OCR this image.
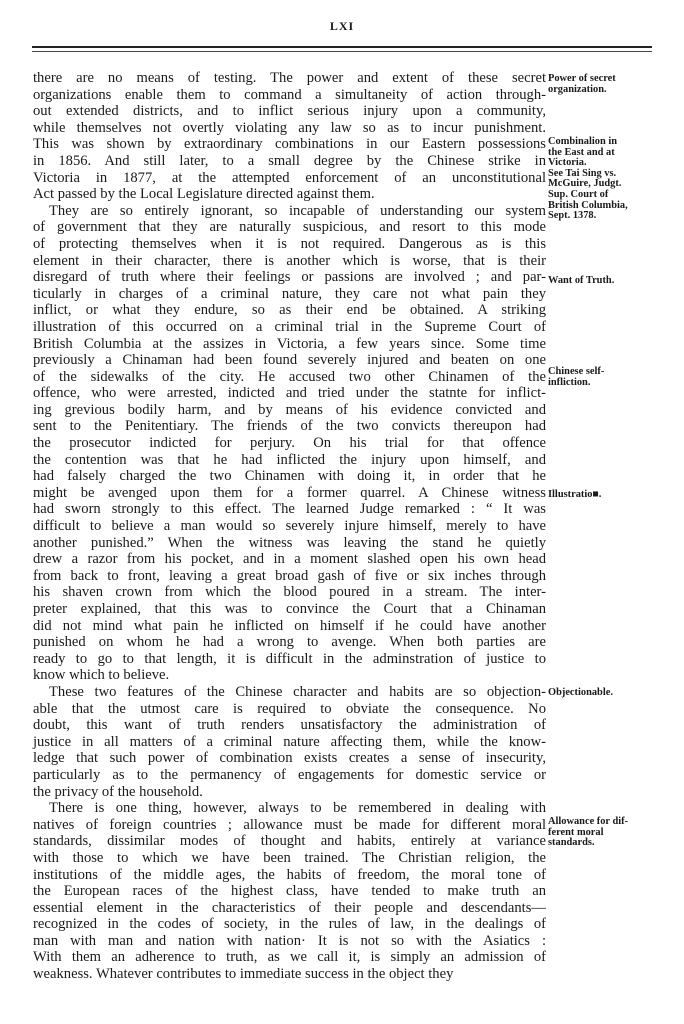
LXI

there are no means of testing. The power and extent of these secret
organizations enable them to command a simultaneity of action through-
out extended districts, and to inflict serious injury upon a community,
while themselves not overtly violating any law so as to incur punishment.
This was shown by extraordinary combinations in our Eastern possessions
in 1856. And still later, to a small degree by the Chinese strike in
Victoria in 1877, at the attempted enforcement of an unconstitutional
Act passed by the Local Legislature directed against them.

They are so entirely ignorant, so incapable of understanding our system
of government that they are naturally suspicious, and resort to this mode
of protecting themselves when it is not required. Dangerous as is this
element in their character, there is another which is worse, that is their
disregard of truth where their feelings or passions are involved ; and par-
ticularly in charges of a criminal nature, they care not what pain they
inflict, or what they endure, so as their end be obtained. A striking
illustration of this occurred on a criminal trial in the Supreme Court of
British Columbia at the assizes in Victoria, a few years since. Some time
previously a Chinaman had been found severely injured and beaten on one
of the sidewalks of the city. He accused two other Chinamen of the
offence, who were arrested, indicted and tried under the statnte for inflict-
ing grevious bodily harm, and by means of his evidence convicted and
sent to the Penitentiary. The friends of the two convicts thereupon had
the prosecutor indicted for perjury. On his trial for that offence
the contention was that he had inflicted the injury upon himself, and
had falsely charged the two Chinamen with doing it, in order that he
might be avenged upon them for a former quarrel. A Chinese witness
had sworn strongly to this effect. The learned Judge remarked : “ It was
difficult to believe a man would so severely injure himself, merely to have
another punished.” When the witness was leaving the stand he quietly
drew a razor from his pocket, and in a moment slashed open his own head
from back to front, leaving a great broad gash of five or six inches through
his shaven crown from which the blood poured in a stream. The inter-
preter explained, that this was to convince the Court that a Chinaman
did not mind what pain he inflicted on himself if he could have another
punished on whom he had a wrong to avenge. When both parties are
ready to go to that length, it is difficult in the adminstration of justice to
know which to believe.

These two features of the Chinese character and habits are so objection-
able that the utmost care is required to obviate the consequence. No
doubt, this want of truth renders unsatisfactory the administration of
justice in all matters of a criminal nature affecting them, while the know-
ledge that such power of combination exists creates a sense of insecurity,
particularly as to the permanency of engagements for domestic service or
the privacy of the household.

There is one thing, however, always to be remembered in dealing with
natives of foreign countries ; allowance must be made for different moral
standards, dissimilar modes of thought and habits, entirely at variance
with those to which we have been trained. The Christian religion, the
institutions of the middle ages, the habits of freedom, the moral tone of
the European races of the highest class, have tended to make truth an
essential element in the characteristics of their people and descendants—
recognized in the codes of society, in the rules of law, in the dealings of
man with man and nation with nation· It is not so with the Asiatics :
With them an adherence to truth, as we call it, is simply an admission of
weakness. Whatever contributes to immediate success in the object they

Power of secret
organization.
Combinalion in
the East and at
Victoria.
See Tai Sing vs.
McGuire, Judgt.
Sup. Court of
British Columbia,
Sept. 1378.
Want of Truth.
Chinese self-
infliction.
Illustratio■.
Objectionable.
Allowance for dif-
ferent moral
standards.
